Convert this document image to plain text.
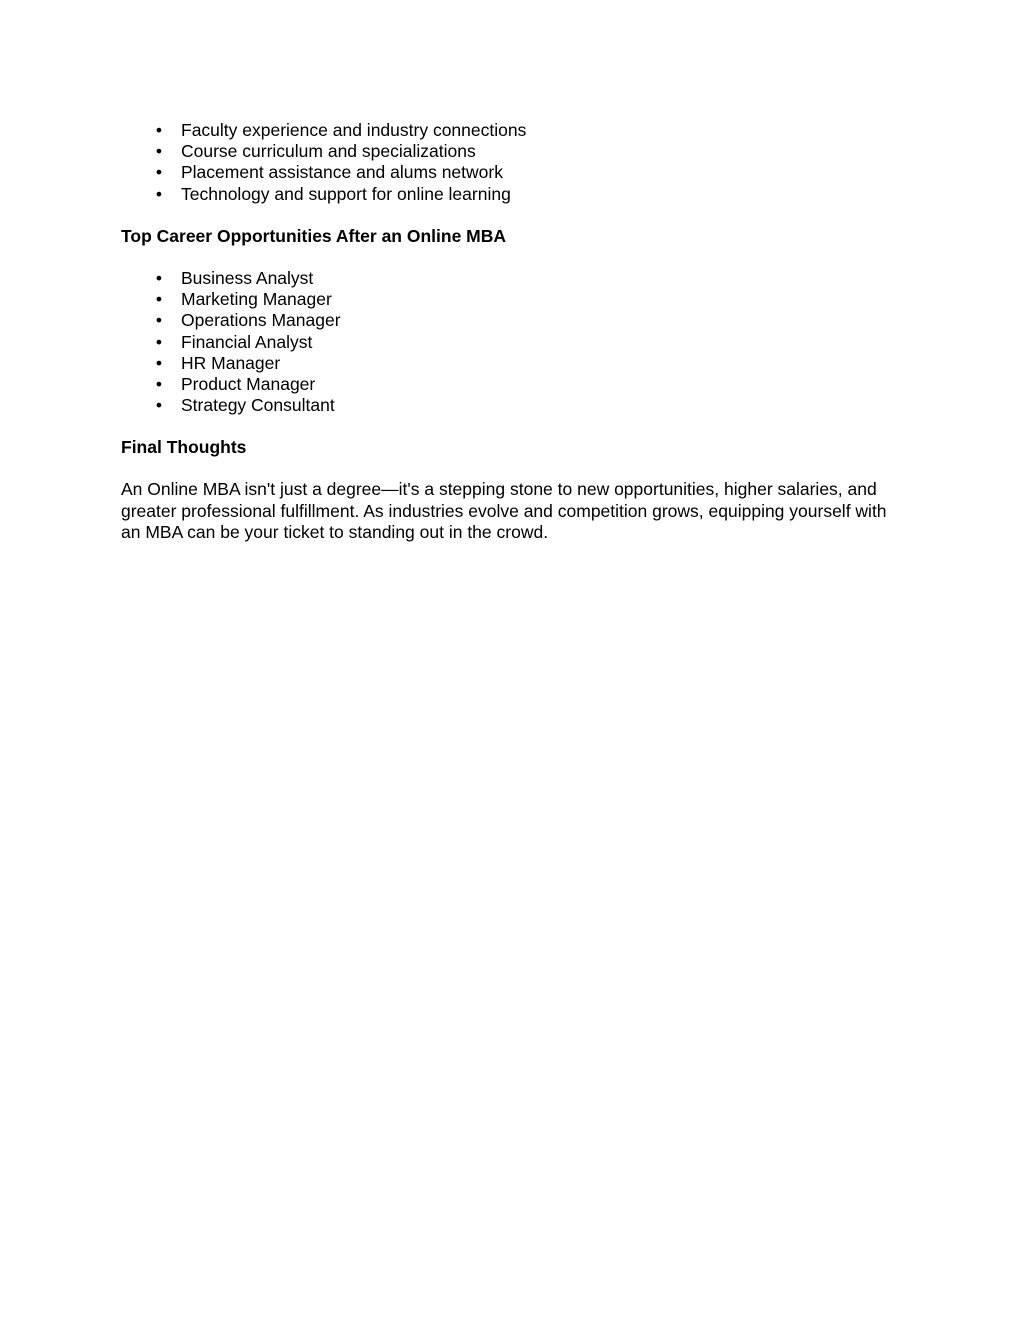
• Faculty experience and industry connections
• Course curriculum and specializations
• Placement assistance and alums network
• Technology and support for online learning

Top Career Opportunities After an Online MBA

• Business Analyst
• Marketing Manager
• Operations Manager
• Financial Analyst
• HR Manager
• Product Manager
• Strategy Consultant

Final Thoughts

An Online MBA isn't just a degree—it's a stepping stone to new opportunities, higher salaries, and greater professional fulfillment. As industries evolve and competition grows, equipping yourself with an MBA can be your ticket to standing out in the crowd.
